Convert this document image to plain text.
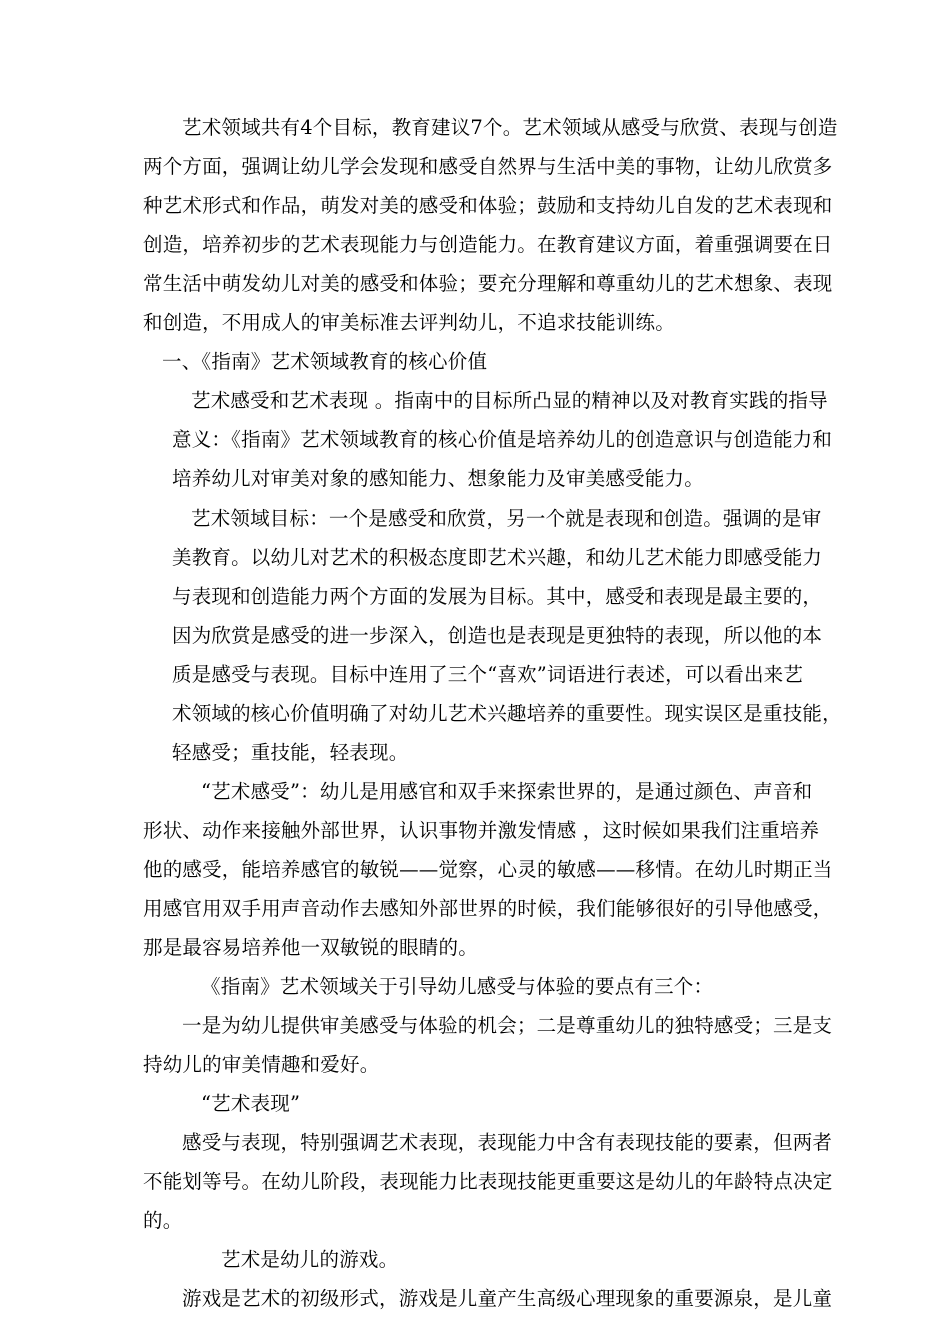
艺术领域共有4个目标，教育建议7个。艺术领域从感受与欣赏、表现与创造
两个方面，强调让幼儿学会发现和感受自然界与生活中美的事物，让幼儿欣赏多
种艺术形式和作品，萌发对美的感受和体验；鼓励和支持幼儿自发的艺术表现和
创造，培养初步的艺术表现能力与创造能力。在教育建议方面，着重强调要在日
常生活中萌发幼儿对美的感受和体验；要充分理解和尊重幼儿的艺术想象、表现
和创造，不用成人的审美标准去评判幼儿，不追求技能训练。
一、《指南》艺术领域教育的核心价值
艺术感受和艺术表现 。指南中的目标所凸显的精神以及对教育实践的指导
意义：《指南》艺术领域教育的核心价值是培养幼儿的创造意识与创造能力和
培养幼儿对审美对象的感知能力、想象能力及审美感受能力。
艺术领域目标：一个是感受和欣赏，另一个就是表现和创造。强调的是审
美教育。以幼儿对艺术的积极态度即艺术兴趣，和幼儿艺术能力即感受能力
与表现和创造能力两个方面的发展为目标。其中，感受和表现是最主要的，
因为欣赏是感受的进一步深入，创造也是表现是更独特的表现，所以他的本
质是感受与表现。目标中连用了三个“喜欢”词语进行表述，可以看出来艺
术领域的核心价值明确了对幼儿艺术兴趣培养的重要性。现实误区是重技能，
轻感受；重技能，轻表现。
“艺术感受”：幼儿是用感官和双手来探索世界的，是通过颜色、声音和
形状、动作来接触外部世界，认识事物并激发情感 ，这时候如果我们注重培养
他的感受，能培养感官的敏锐——觉察，心灵的敏感——移情。在幼儿时期正当
用感官用双手用声音动作去感知外部世界的时候，我们能够很好的引导他感受，
那是最容易培养他一双敏锐的眼睛的。
《指南》艺术领域关于引导幼儿感受与体验的要点有三个：
一是为幼儿提供审美感受与体验的机会；二是尊重幼儿的独特感受；三是支
持幼儿的审美情趣和爱好。
“艺术表现”
感受与表现，特别强调艺术表现，表现能力中含有表现技能的要素，但两者
不能划等号。在幼儿阶段，表现能力比表现技能更重要这是幼儿的年龄特点决定
的。
艺术是幼儿的游戏。
游戏是艺术的初级形式，游戏是儿童产生高级心理现象的重要源泉，是儿童
